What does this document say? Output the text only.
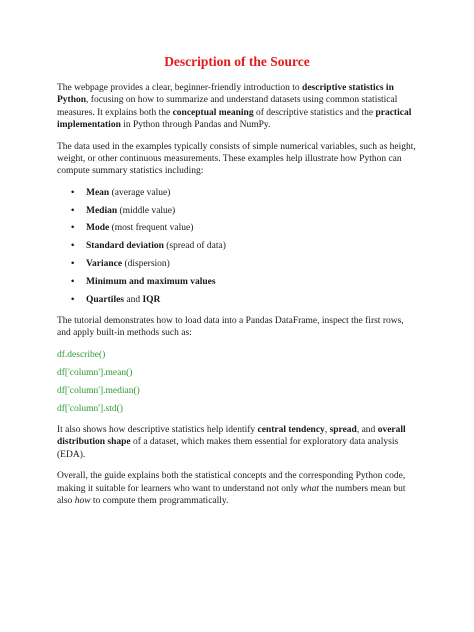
Description of the Source

The webpage provides a clear, beginner-friendly introduction to descriptive statistics in Python, focusing on how to summarize and understand datasets using common statistical measures. It explains both the conceptual meaning of descriptive statistics and the practical implementation in Python through Pandas and NumPy.

The data used in the examples typically consists of simple numerical variables, such as height, weight, or other continuous measurements. These examples help illustrate how Python can compute summary statistics including:

• Mean (average value)
• Median (middle value)
• Mode (most frequent value)
• Standard deviation (spread of data)
• Variance (dispersion)
• Minimum and maximum values
• Quartiles and IQR

The tutorial demonstrates how to load data into a Pandas DataFrame, inspect the first rows, and apply built-in methods such as:

df.describe()
df['column'].mean()
df['column'].median()
df['column'].std()

It also shows how descriptive statistics help identify central tendency, spread, and overall distribution shape of a dataset, which makes them essential for exploratory data analysis (EDA).

Overall, the guide explains both the statistical concepts and the corresponding Python code, making it suitable for learners who want to understand not only what the numbers mean but also how to compute them programmatically.
